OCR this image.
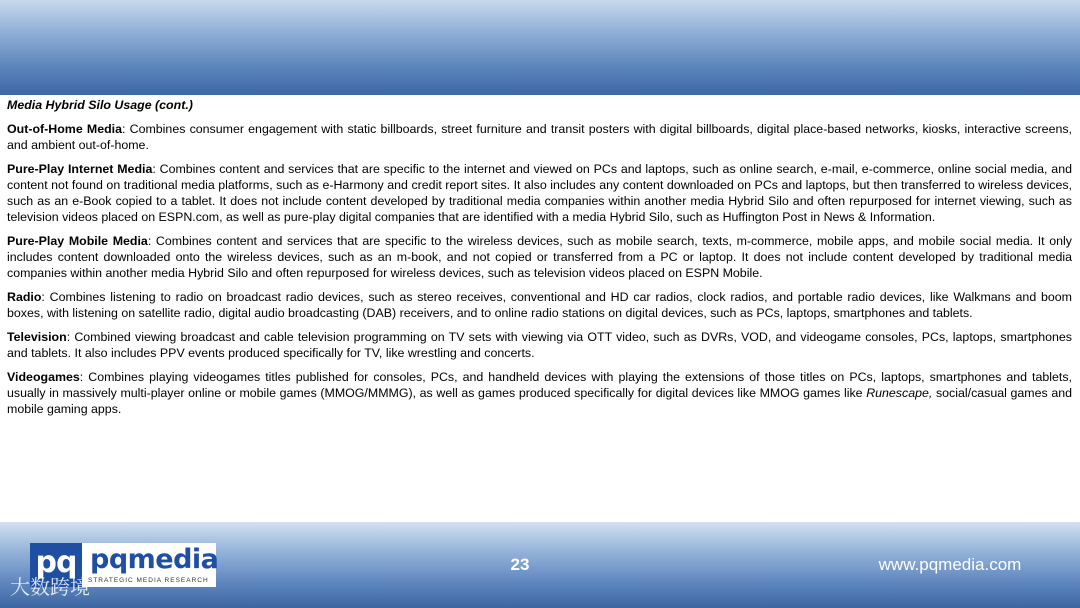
Media Hybrid Silo Usage (cont.)

Out-of-Home Media: Combines consumer engagement with static billboards, street furniture and transit posters with digital billboards, digital place-based networks, kiosks, interactive screens, and ambient out-of-home.

Pure-Play Internet Media: Combines content and services that are specific to the internet and viewed on PCs and laptops, such as online search, e-mail, e-commerce, online social media, and content not found on traditional media platforms, such as e-Harmony and credit report sites. It also includes any content downloaded on PCs and laptops, but then transferred to wireless devices, such as an e-Book copied to a tablet. It does not include content developed by traditional media companies within another media Hybrid Silo and often repurposed for internet viewing, such as television videos placed on ESPN.com, as well as pure-play digital companies that are identified with a media Hybrid Silo, such as Huffington Post in News & Information.

Pure-Play Mobile Media: Combines content and services that are specific to the wireless devices, such as mobile search, texts, m-commerce, mobile apps, and mobile social media. It only includes content downloaded onto the wireless devices, such as an m-book, and not copied or transferred from a PC or laptop. It does not include content developed by traditional media companies within another media Hybrid Silo and often repurposed for wireless devices, such as television videos placed on ESPN Mobile.

Radio: Combines listening to radio on broadcast radio devices, such as stereo receives, conventional and HD car radios, clock radios, and portable radio devices, like Walkmans and boom boxes, with listening on satellite radio, digital audio broadcasting (DAB) receivers, and to online radio stations on digital devices, such as PCs, laptops, smartphones and tablets.

Television: Combined viewing broadcast and cable television programming on TV sets with viewing via OTT video, such as DVRs, VOD, and videogame consoles, PCs, laptops, smartphones and tablets. It also includes PPV events produced specifically for TV, like wrestling and concerts.

Videogames: Combines playing videogames titles published for consoles, PCs, and handheld devices with playing the extensions of those titles on PCs, laptops, smartphones and tablets, usually in massively multi-player online or mobile games (MMOG/MMMG), as well as games produced specifically for digital devices like MMOG games like Runescape, social/casual games and mobile gaming apps.

pq pqmedia
STRATEGIC MEDIA RESEARCH
23	www.pqmedia.com
大数跨境
